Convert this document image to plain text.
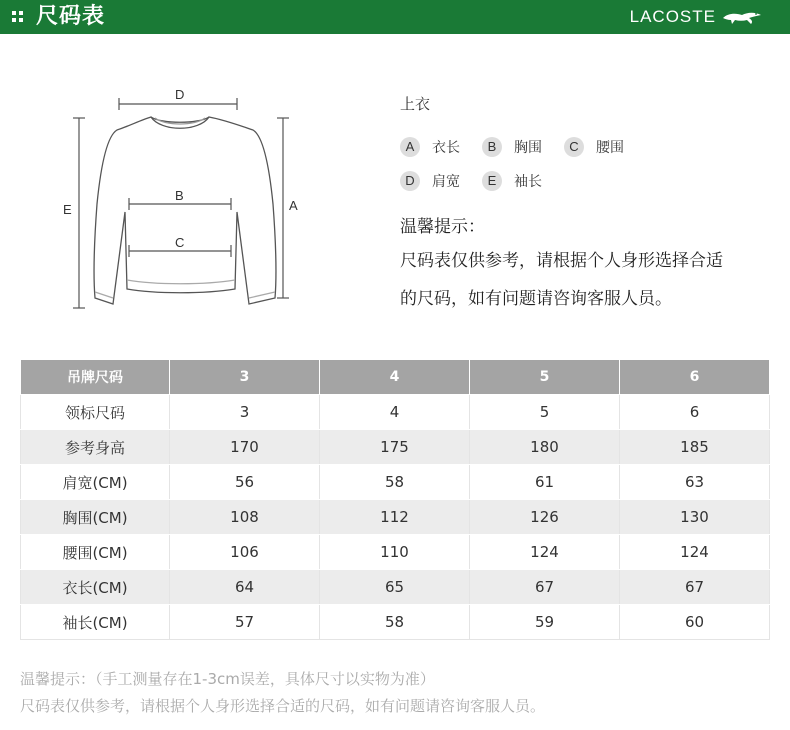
尺码表	LACOSTE
D
B
C
E	A
上衣
A	衣长	B	胸围	C	腰围
D	肩宽	E	袖长
温馨提示：
尺码表仅供参考，请根据个人身形选择合适
的尺码，如有问题请咨询客服人员。
吊牌尺码	3	4	5	6
领标尺码	3	4	5	6
参考身高	170	175	180	185
肩宽(CM)	56	58	61	63
胸围(CM)	108	112	126	130
腰围(CM)	106	110	124	124
衣长(CM)	64	65	67	67
袖长(CM)	57	58	59	60
温馨提示：（手工测量存在1-3cm误差，具体尺寸以实物为准）
尺码表仅供参考，请根据个人身形选择合适的尺码，如有问题请咨询客服人员。
